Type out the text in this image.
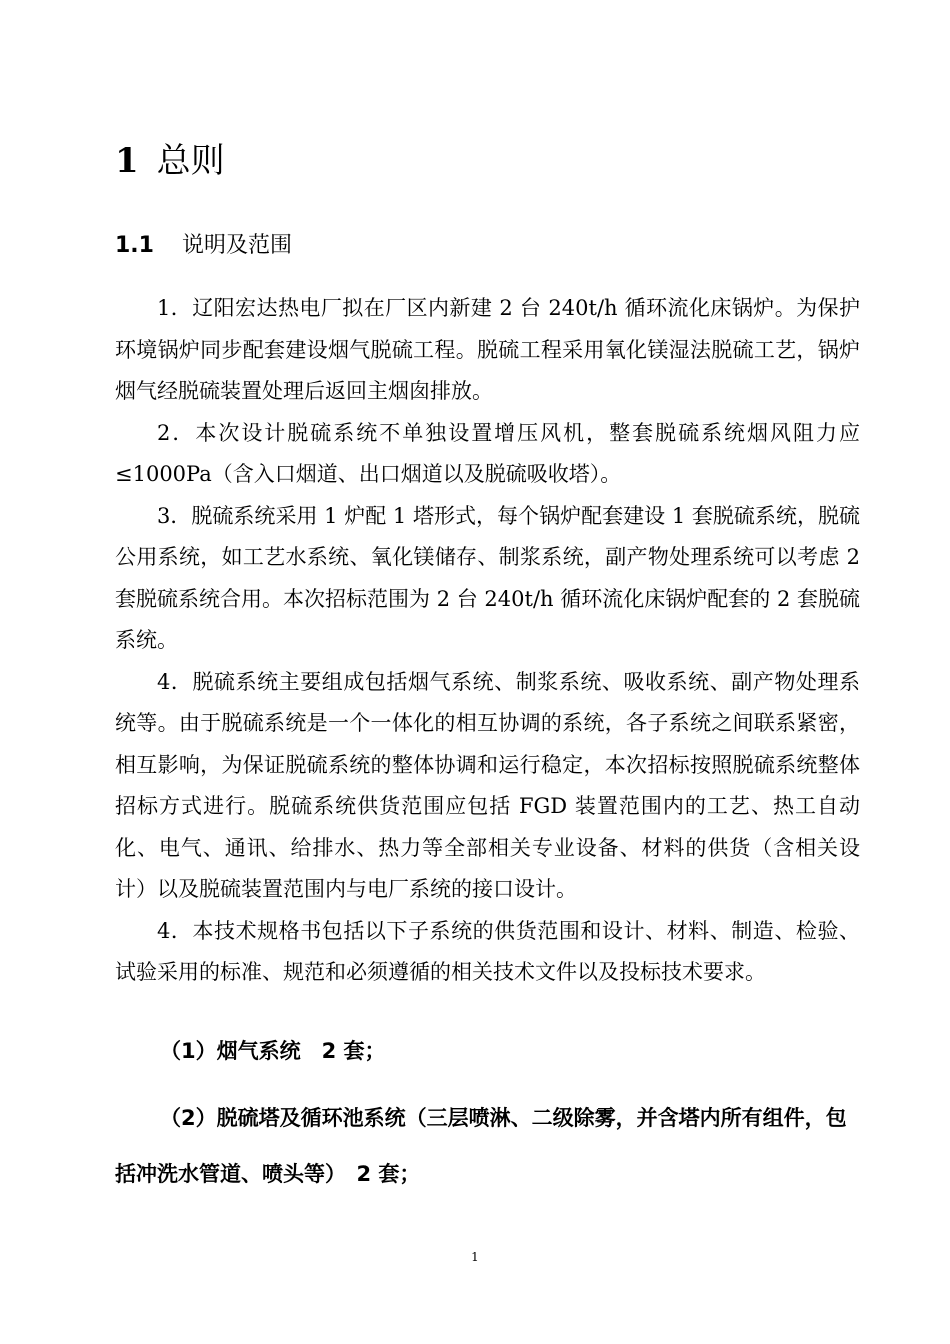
1 总则
1.1 说明及范围

1．辽阳宏达热电厂拟在厂区内新建 2 台 240t/h 循环流化床锅炉。为保护环境锅炉同步配套建设烟气脱硫工程。脱硫工程采用氧化镁湿法脱硫工艺，锅炉烟气经脱硫装置处理后返回主烟囱排放。

2．本次设计脱硫系统不单独设置增压风机，整套脱硫系统烟风阻力应≤1000Pa（含入口烟道、出口烟道以及脱硫吸收塔）。

3．脱硫系统采用 1 炉配 1 塔形式，每个锅炉配套建设 1 套脱硫系统，脱硫公用系统，如工艺水系统、氧化镁储存、制浆系统，副产物处理系统可以考虑 2 套脱硫系统合用。本次招标范围为 2 台 240t/h 循环流化床锅炉配套的 2 套脱硫系统。

4．脱硫系统主要组成包括烟气系统、制浆系统、吸收系统、副产物处理系统等。由于脱硫系统是一个一体化的相互协调的系统，各子系统之间联系紧密，相互影响，为保证脱硫系统的整体协调和运行稳定，本次招标按照脱硫系统整体招标方式进行。脱硫系统供货范围应包括 FGD 装置范围内的工艺、热工自动化、电气、通讯、给排水、热力等全部相关专业设备、材料的供货（含相关设计）以及脱硫装置范围内与电厂系统的接口设计。

4．本技术规格书包括以下子系统的供货范围和设计、材料、制造、检验、试验采用的标准、规范和必须遵循的相关技术文件以及投标技术要求。

（1）烟气系统　2 套；
（2）脱硫塔及循环池系统（三层喷淋、二级除雾，并含塔内所有组件，包括冲洗水管道、喷头等）　2 套；
1
